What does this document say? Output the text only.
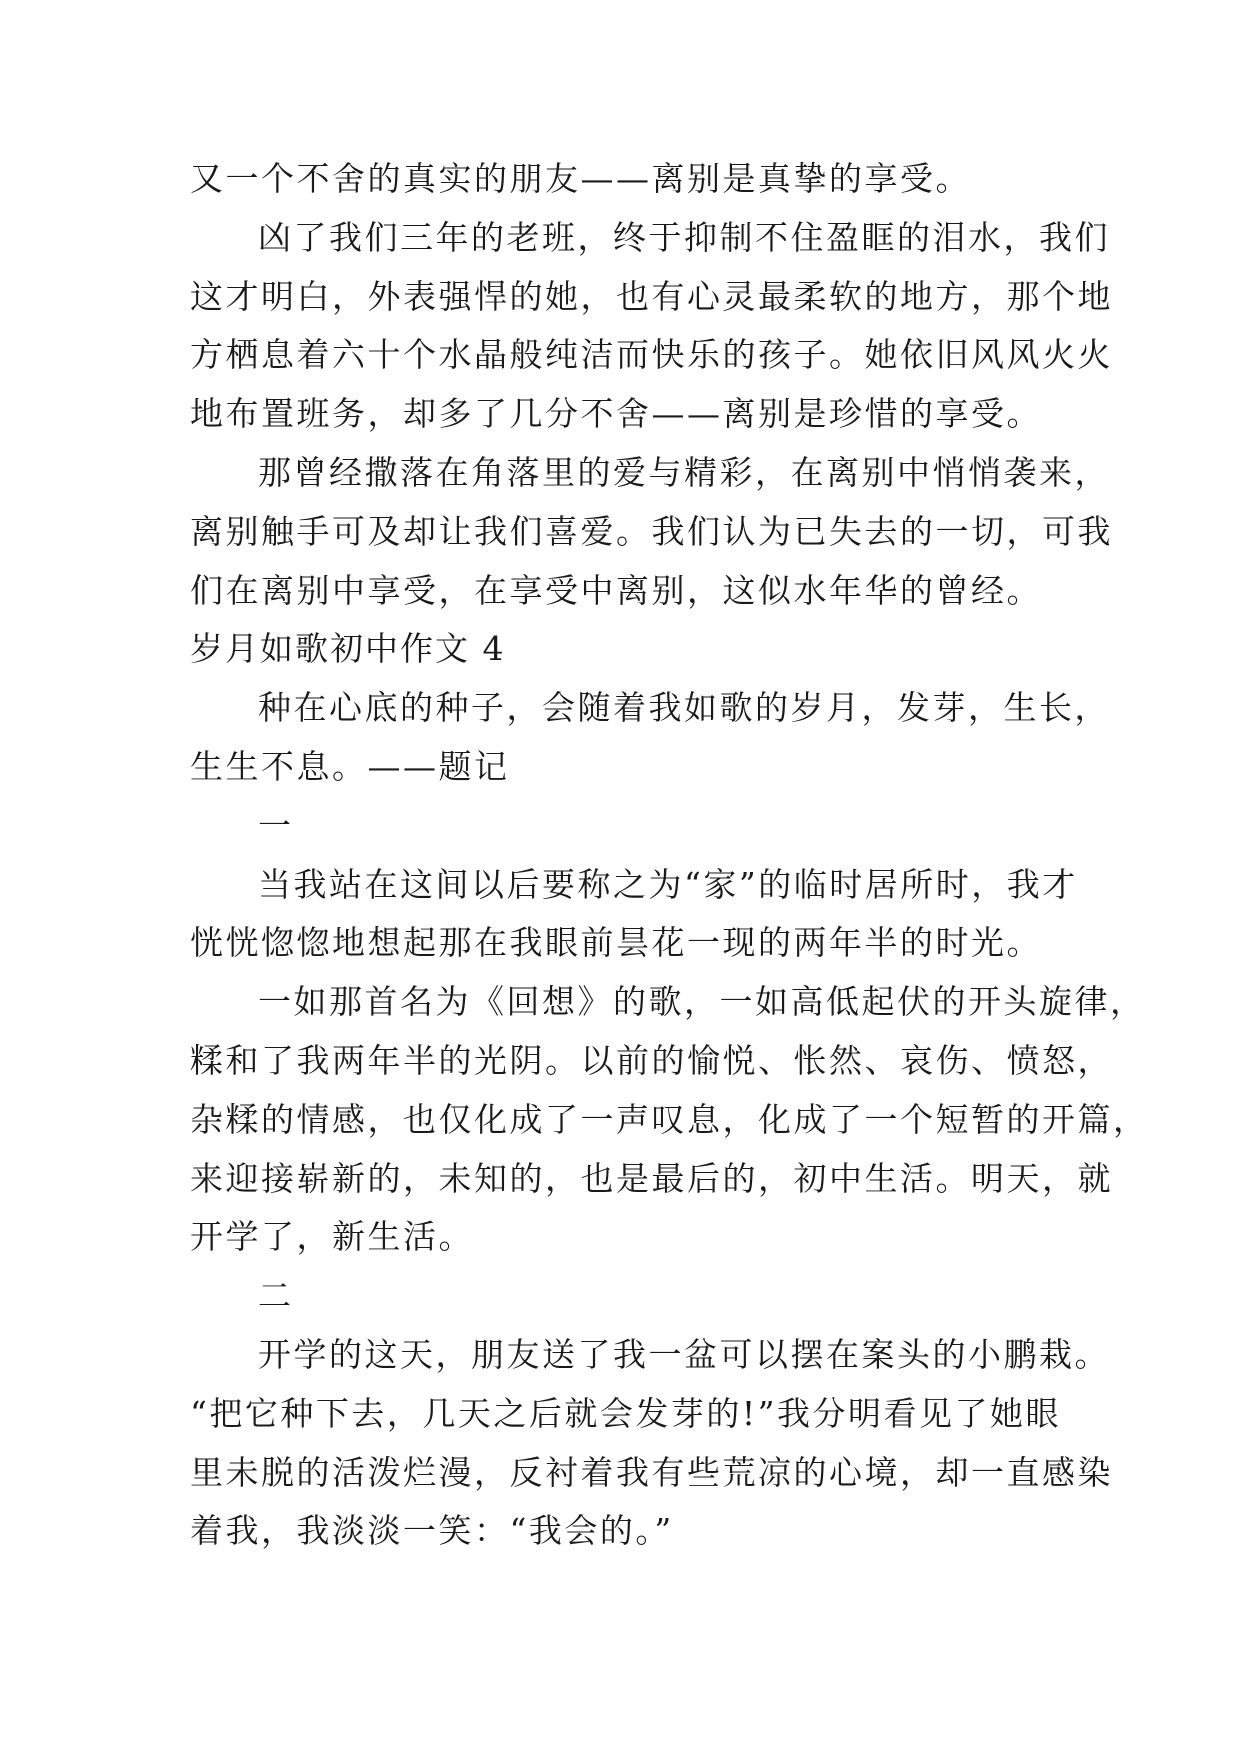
又一个不舍的真实的朋友——离别是真挚的享受。

凶了我们三年的老班，终于抑制不住盈眶的泪水，我们

这才明白，外表强悍的她，也有心灵最柔软的地方，那个地

方栖息着六十个水晶般纯洁而快乐的孩子。她依旧风风火火

地布置班务，却多了几分不舍——离别是珍惜的享受。

那曾经撒落在角落里的爱与精彩，在离别中悄悄袭来，

离别触手可及却让我们喜爱。我们认为已失去的一切，可我

们在离别中享受，在享受中离别，这似水年华的曾经。

岁月如歌初中作文 4

种在心底的种子，会随着我如歌的岁月，发芽，生长，

生生不息。——题记

一

当我站在这间以后要称之为“家”的临时居所时，我才

恍恍惚惚地想起那在我眼前昙花一现的两年半的时光。

一如那首名为《回想》的歌，一如高低起伏的开头旋律，

糅和了我两年半的光阴。以前的愉悦、怅然、哀伤、愤怒，

杂糅的情感，也仅化成了一声叹息，化成了一个短暂的开篇，

来迎接崭新的，未知的，也是最后的，初中生活。明天，就

开学了，新生活。

二

开学的这天，朋友送了我一盆可以摆在案头的小鹏栽。

“把它种下去，几天之后就会发芽的!”我分明看见了她眼

里未脱的活泼烂漫，反衬着我有些荒凉的心境，却一直感染

着我，我淡淡一笑：“我会的。”
